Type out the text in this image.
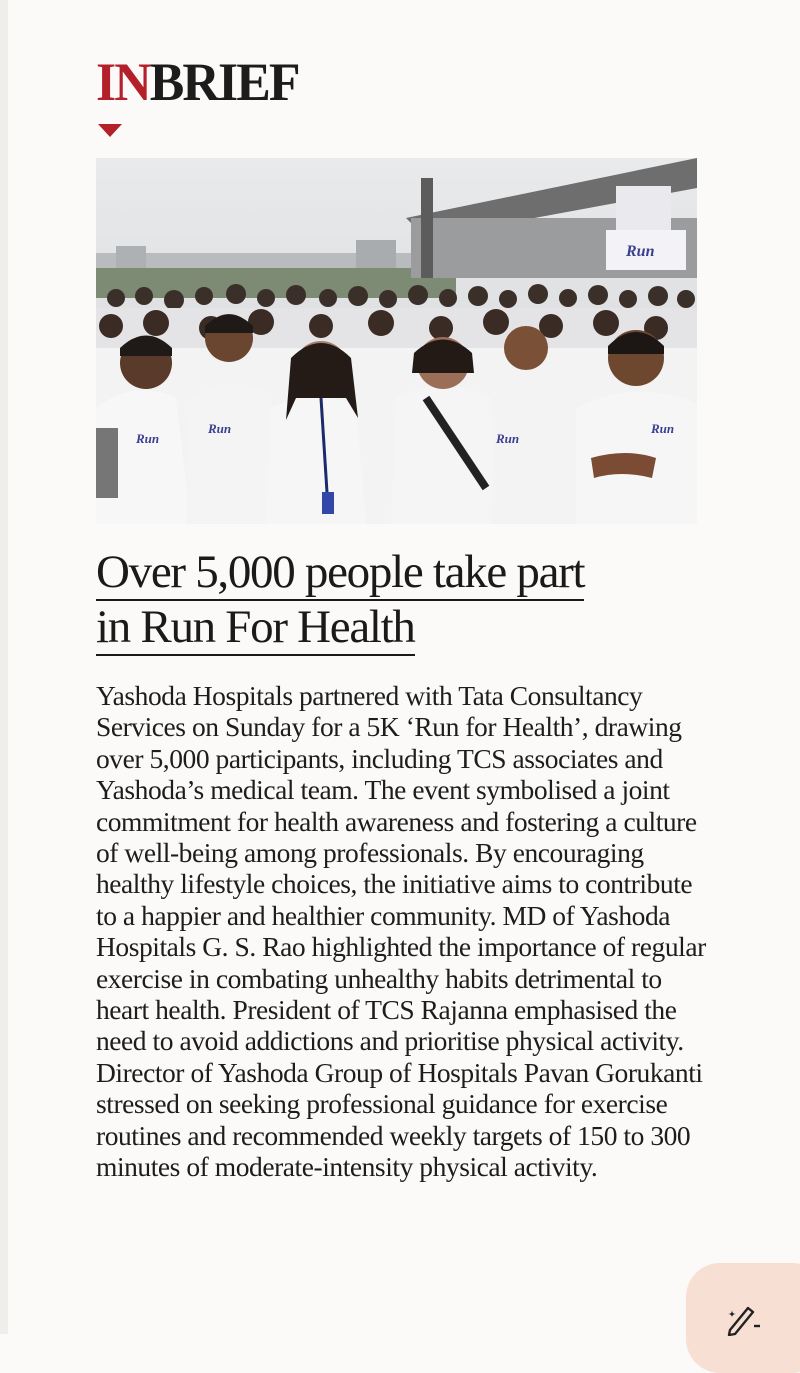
INBRIEF
Run
Run
Run	Run
Run
Over 5,000 people take part
in Run For Health

Yashoda Hospitals partnered with Tata Consultancy Services on Sunday for a 5K ‘Run for Health’, drawing over 5,000 participants, including TCS associates and Yashoda’s medical team. The event symbolised a joint commitment for health awareness and fostering a culture of well-being among professionals. By encouraging healthy lifestyle choices, the initiative aims to contribute to a happier and healthier community. MD of Yashoda Hospitals G. S. Rao highlighted the importance of regular exercise in combating unhealthy habits detrimental to heart health. President of TCS Rajanna emphasised the need to avoid addictions and prioritise physical activity. Director of Yashoda Group of Hospitals Pavan Gorukanti stressed on seeking professional guidance for exercise routines and recommended weekly targets of 150 to 300 minutes of moderate-intensity physical activity.
